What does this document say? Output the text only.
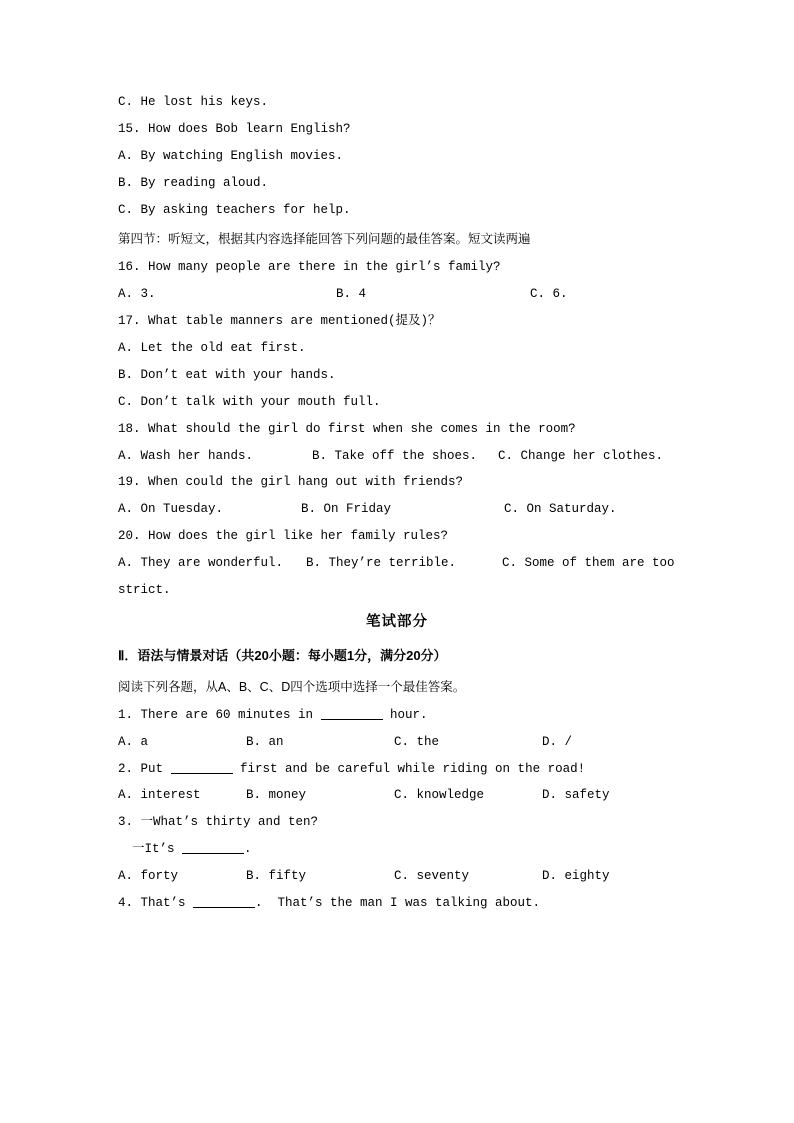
C. He lost his keys.
15. How does Bob learn English?
A. By watching English movies.
B. By reading aloud.
C. By asking teachers for help.
第四节：听短文，根据其内容选择能回答下列问题的最佳答案。短文读两遍
16. How many people are there in the girl’s family?
A. 3.	B. 4	C. 6.
17. What table manners are mentioned(提及)？
A. Let the old eat first.
B. Don’t eat with your hands.
C. Don’t talk with your mouth full.
18. What should the girl do first when she comes in the room?
A. Wash her hands.	B. Take off the shoes.	C. Change her clothes.
19. When could the girl hang out with friends?
A. On Tuesday.	B. On Friday	C. On Saturday.
20. How does the girl like her family rules?
A. They are wonderful.	B. They’re terrible.	C. Some of them are too
strict.
笔试部分
Ⅱ．语法与情景对话（共20小题：每小题1分，满分20分）
阅读下列各题，从A、B、C、D四个选项中选择一个最佳答案。
1. There are 60 minutes in	hour.
A. a	B. an	C. the	D. /
2. Put	first and be careful while riding on the road!
A. interest	B. money	C. knowledge	D. safety
3. 一What’s thirty and ten?
一It’s	.
A. forty	B. fifty	C. seventy	D. eighty
4. That’s	.  That’s the man I was talking about.
